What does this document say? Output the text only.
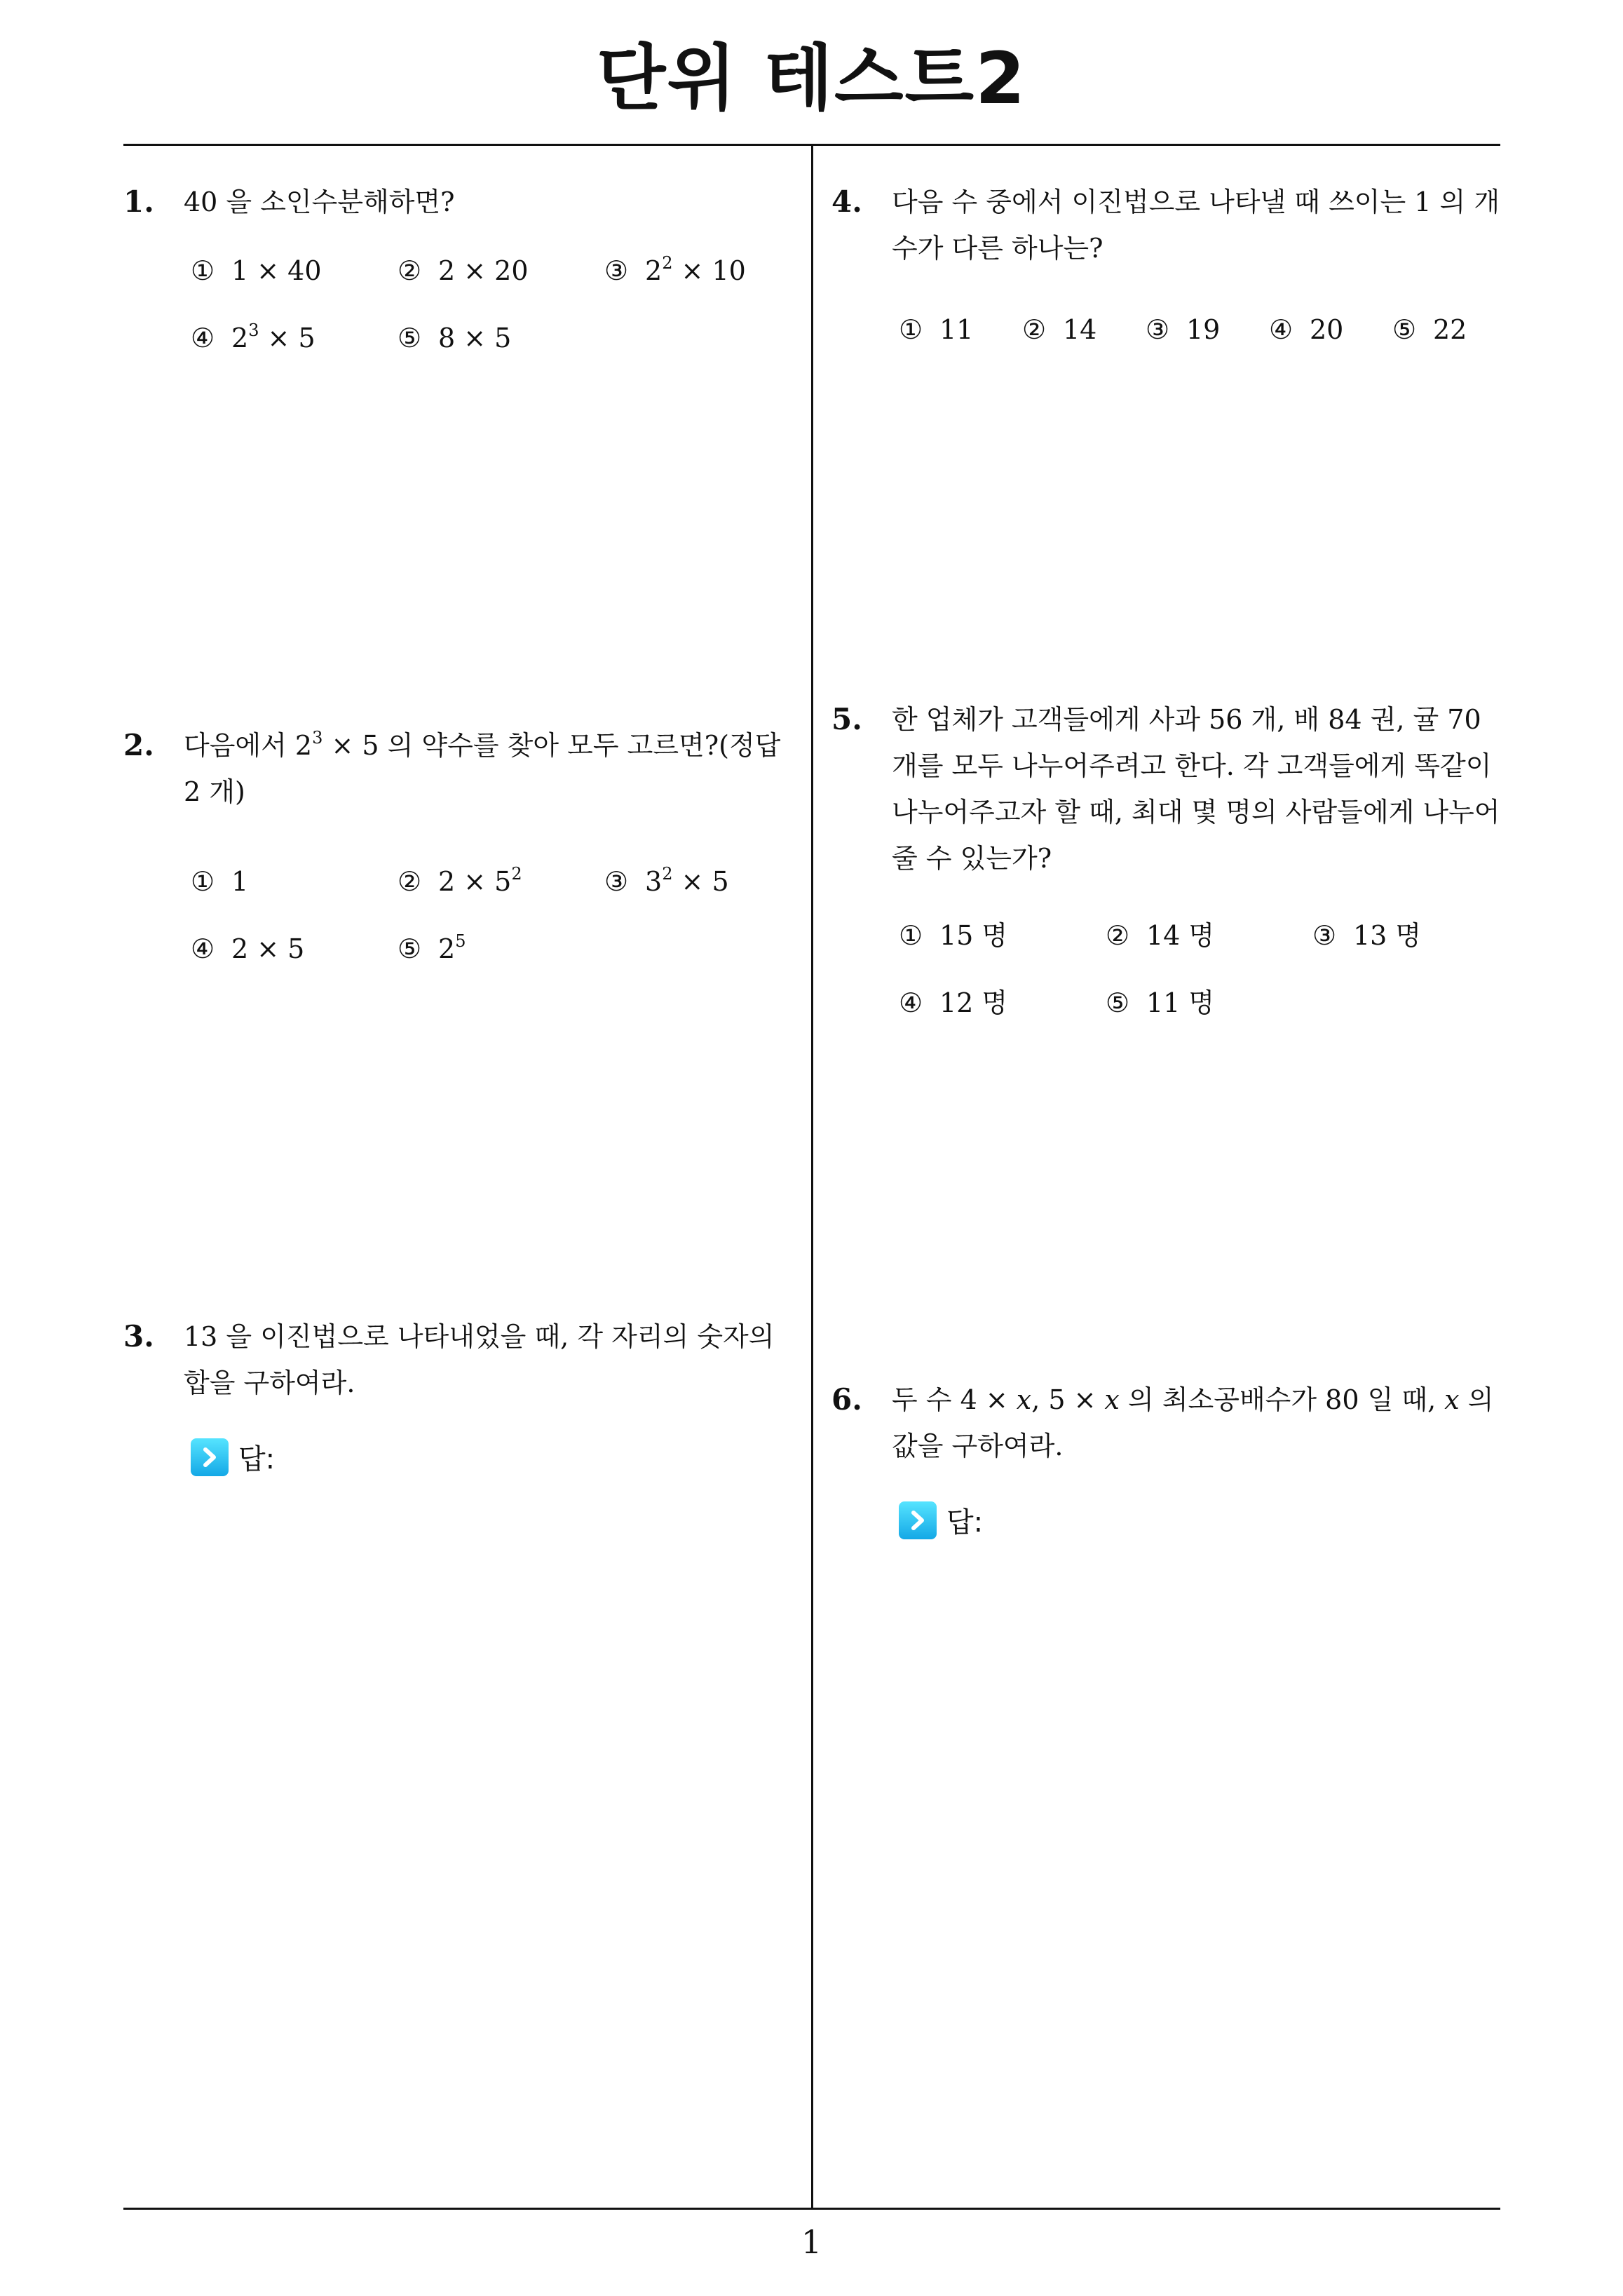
단위 테스트2
1. 40 을 소인수분해하면?
① 1 × 40	② 2 × 20	③ $2^2 \times 10$
④ $2^3 \times 5$	⑤ 8 × 5
2. 다음에서 $2^3 \times 5$ 의 약수를 찾아 모두 고르면?(정답 2 개)
① 1	② $2 \times 5^2$	③ $3^2 \times 5$
④ 2 × 5	⑤ $2^5$
3. 13 을 이진법으로 나타내었을 때, 각 자리의 숫자의 합을 구하여라.
답:
4. 다음 수 중에서 이진법으로 나타낼 때 쓰이는 1 의 개수가 다른 하나는?
① 11 ② 14 ③ 19 ④ 20 ⑤ 22
5. 한 업체가 고객들에게 사과 56 개, 배 84 권, 귤 70 개를 모두 나누어주려고 한다. 각 고객들에게 똑같이 나누어주고자 할 때, 최대 몇 명의 사람들에게 나누어 줄 수 있는가?
① 15 명	② 14 명	③ 13 명
④ 12 명	⑤ 11 명
6. 두 수 4 × x, 5 × x 의 최소공배수가 80 일 때, x 의 값을 구하여라.
답:
1
